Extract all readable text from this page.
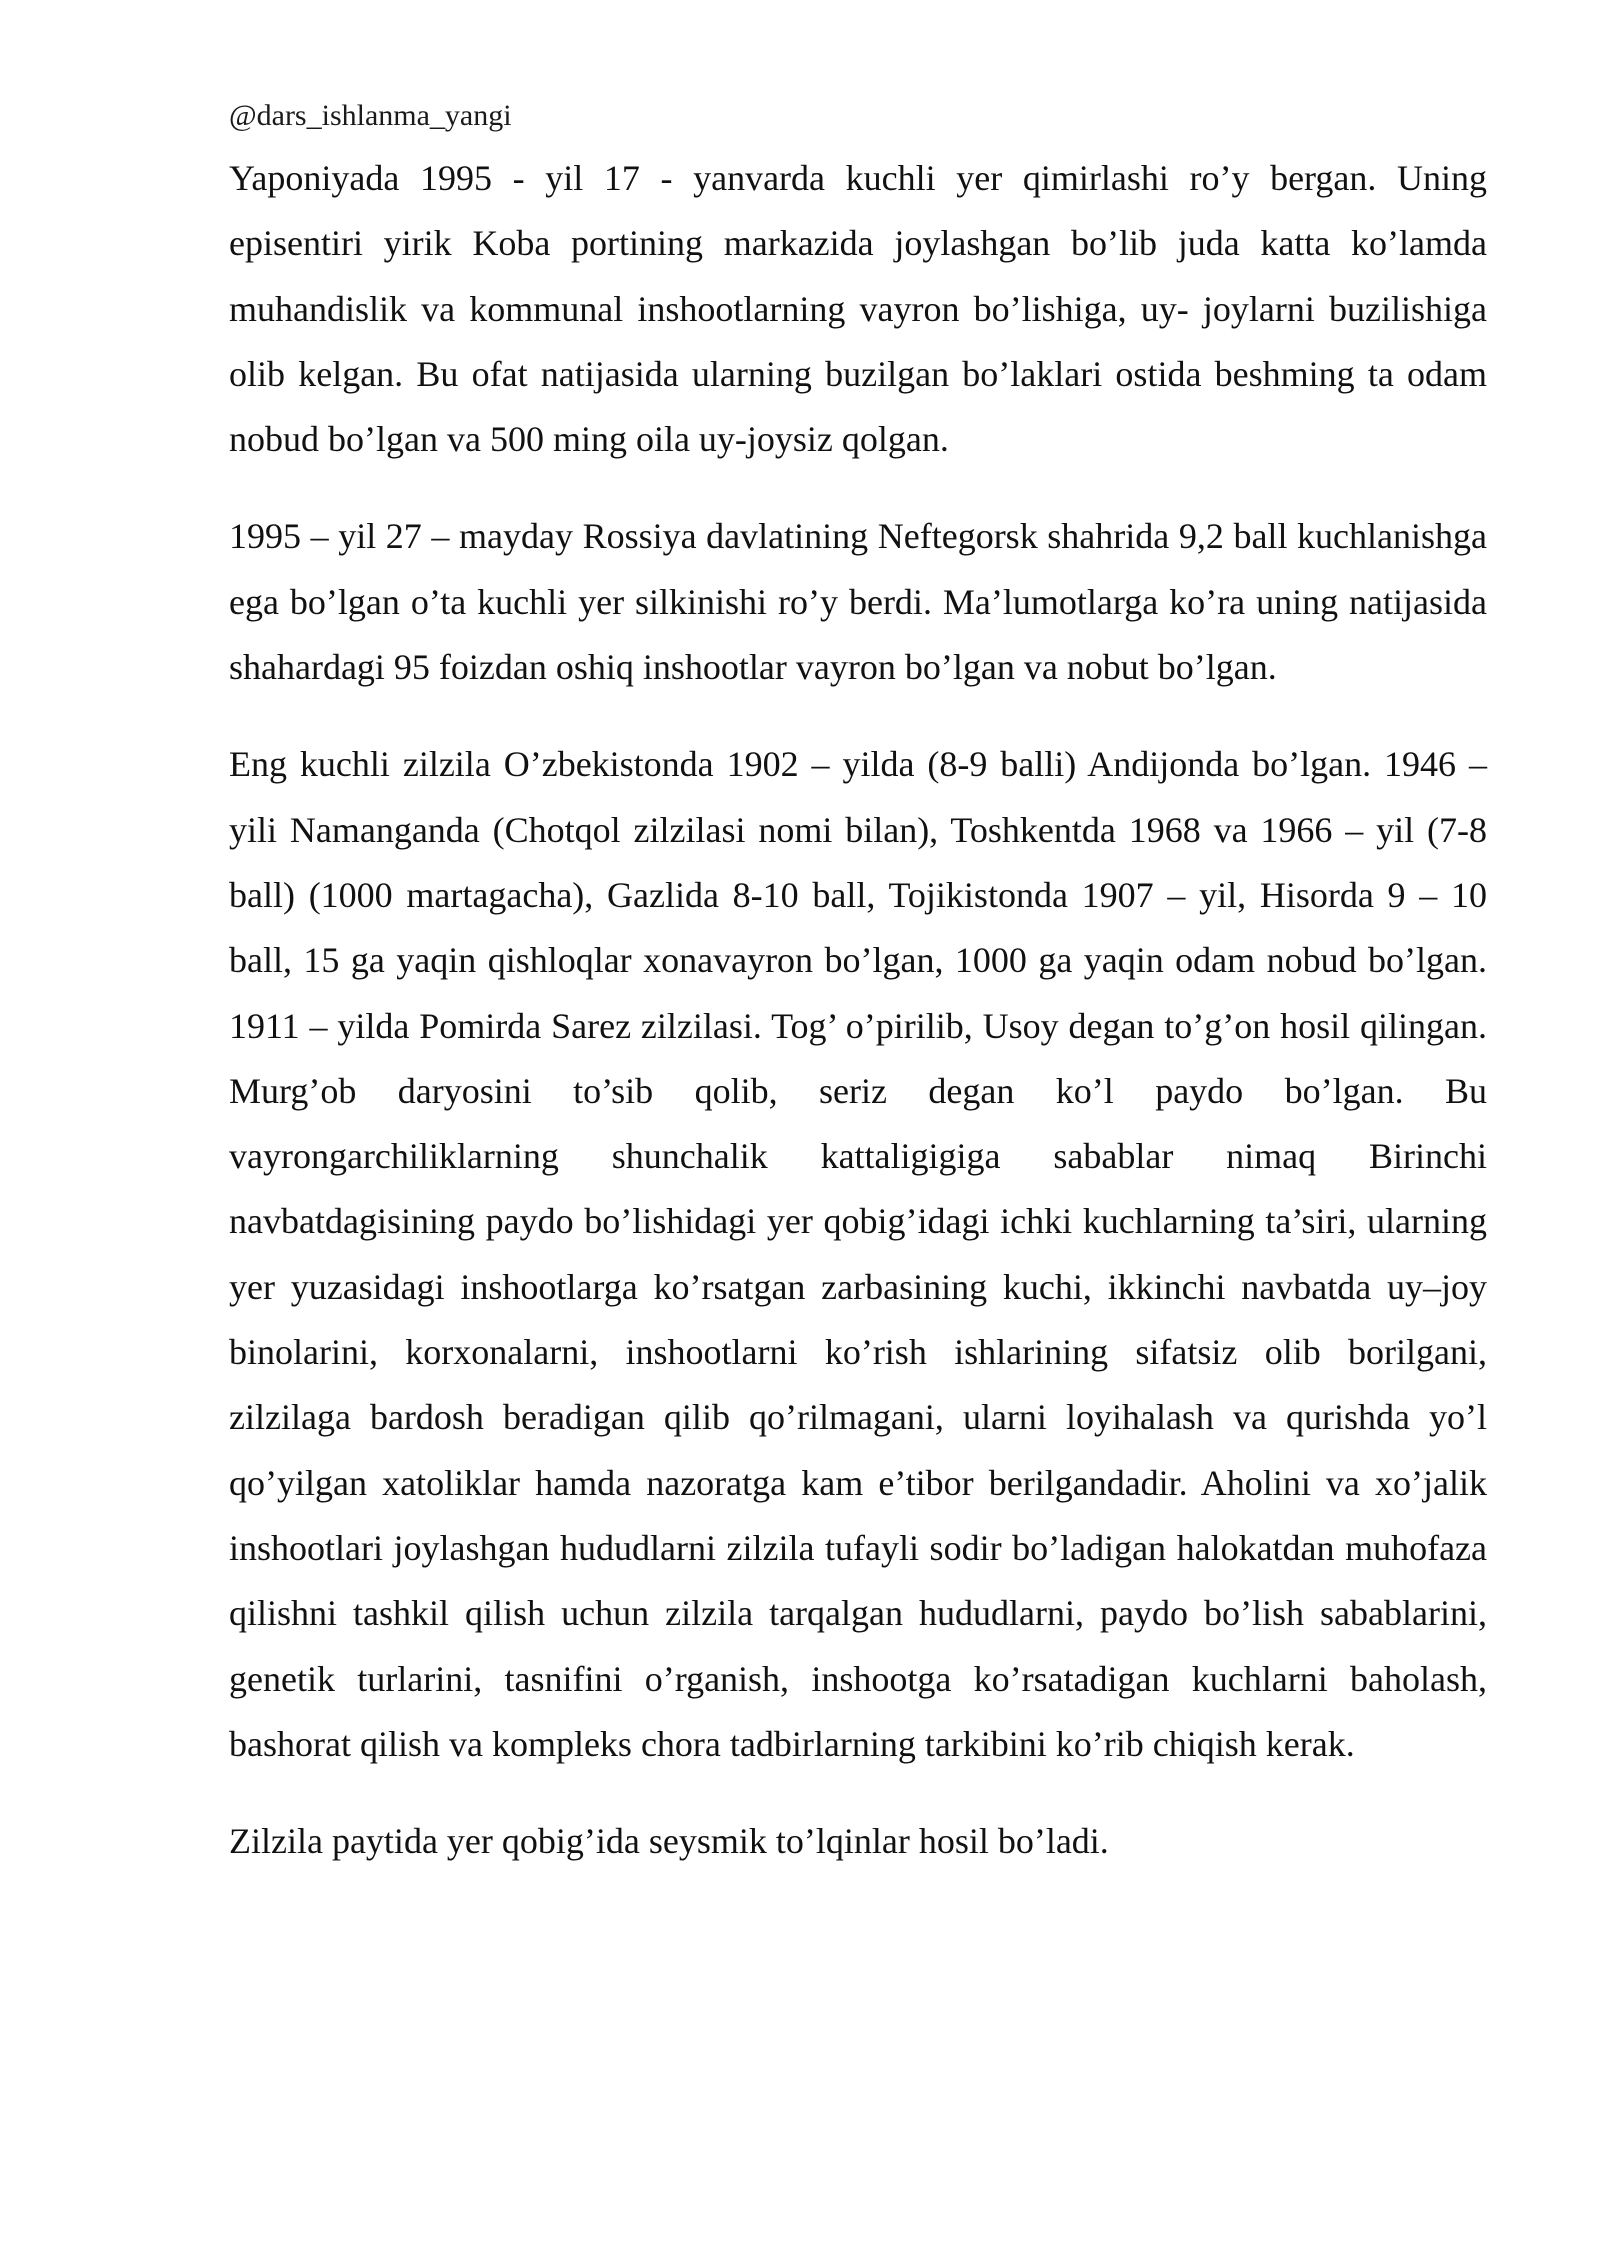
@dars_ishlanma_yangi

Yaponiyada 1995 - yil 17 - yanvarda kuchli yer qimirlashi ro’y bergan. Uning episentiri yirik Koba portining markazida joylashgan bo’lib juda katta ko’lamda muhandislik va kommunal inshootlarning vayron bo’lishiga, uy- joylarni buzilishiga olib kelgan. Bu ofat natijasida ularning buzilgan bo’laklari ostida beshming ta odam nobud bo’lgan va 500 ming oila uy-joysiz qolgan.

1995 – yil 27 – mayday Rossiya davlatining Neftegorsk shahrida 9,2 ball kuchlanishga ega bo’lgan o’ta kuchli yer silkinishi ro’y berdi. Ma’lumotlarga ko’ra uning natijasida shahardagi 95 foizdan oshiq inshootlar vayron bo’lgan va nobut bo’lgan.

Eng kuchli zilzila O’zbekistonda 1902 – yilda (8-9 balli) Andijonda bo’lgan. 1946 – yili Namanganda (Chotqol zilzilasi nomi bilan), Toshkentda 1968 va 1966 – yil (7-8 ball) (1000 martagacha), Gazlida 8-10 ball, Tojikistonda 1907 – yil, Hisorda 9 – 10 ball, 15 ga yaqin qishloqlar xonavayron bo’lgan, 1000 ga yaqin odam nobud bo’lgan. 1911 – yilda Pomirda Sarez zilzilasi. Tog’ o’pirilib, Usoy degan to’g’on hosil qilingan. Murg’ob daryosini to’sib qolib, seriz degan ko’l paydo bo’lgan. Bu vayrongarchiliklarning shunchalik kattaligigiga sabablar nimaq Birinchi navbatdagisining paydo bo’lishidagi yer qobig’idagi ichki kuchlarning ta’siri, ularning yer yuzasidagi inshootlarga ko’rsatgan zarbasining kuchi, ikkinchi navbatda uy–joy binolarini, korxonalarni, inshootlarni ko’rish ishlarining sifatsiz olib borilgani, zilzilaga bardosh beradigan qilib qo’rilmagani, ularni loyihalash va qurishda yo’l qo’yilgan xatoliklar hamda nazoratga kam e’tibor berilgandadir. Aholini va xo’jalik inshootlari joylashgan hududlarni zilzila tufayli sodir bo’ladigan halokatdan muhofaza qilishni tashkil qilish uchun zilzila tarqalgan hududlarni, paydo bo’lish sabablarini, genetik turlarini, tasnifini o’rganish, inshootga ko’rsatadigan kuchlarni baholash, bashorat qilish va kompleks chora tadbirlarning tarkibini ko’rib chiqish kerak.

Zilzila paytida yer qobig’ida seysmik to’lqinlar hosil bo’ladi.
